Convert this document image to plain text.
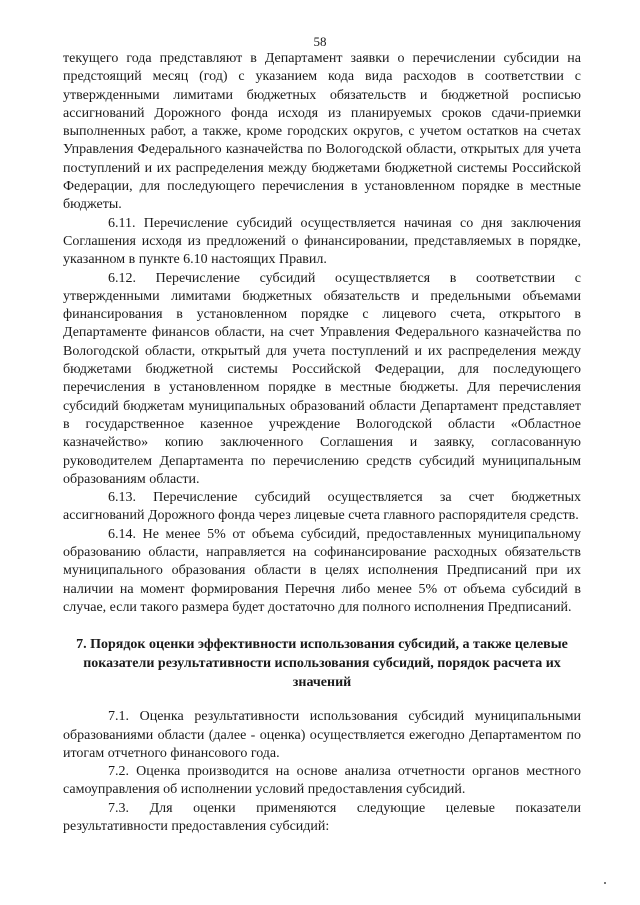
58

текущего года представляют в Департамент заявки о перечислении субсидии на предстоящий месяц (год) с указанием кода вида расходов в соответствии с утвержденными лимитами бюджетных обязательств и бюджетной росписью ассигнований Дорожного фонда исходя из планируемых сроков сдачи-приемки выполненных работ, а также, кроме городских округов, с учетом остатков на счетах Управления Федерального казначейства по Вологодской области, открытых для учета поступлений и их распределения между бюджетами бюджетной системы Российской Федерации, для последующего перечисления в установленном порядке в местные бюджеты.

6.11. Перечисление субсидий осуществляется начиная со дня заключения Соглашения исходя из предложений о финансировании, представляемых в порядке, указанном в пункте 6.10 настоящих Правил.

6.12. Перечисление субсидий осуществляется в соответствии с утвержденными лимитами бюджетных обязательств и предельными объемами финансирования в установленном порядке с лицевого счета, открытого в Департаменте финансов области, на счет Управления Федерального казначейства по Вологодской области, открытый для учета поступлений и их распределения между бюджетами бюджетной системы Российской Федерации, для последующего перечисления в установленном порядке в местные бюджеты. Для перечисления субсидий бюджетам муниципальных образований области Департамент представляет в государственное казенное учреждение Вологодской области «Областное казначейство» копию заключенного Соглашения и заявку, согласованную руководителем Департамента по перечислению средств субсидий муниципальным образованиям области.

6.13. Перечисление субсидий осуществляется за счет бюджетных ассигнований Дорожного фонда через лицевые счета главного распорядителя средств.

6.14. Не менее 5% от объема субсидий, предоставленных муниципальному образованию области, направляется на софинансирование расходных обязательств муниципального образования области в целях исполнения Предписаний при их наличии на момент формирования Перечня либо менее 5% от объема субсидий в случае, если такого размера будет достаточно для полного исполнения Предписаний.

7. Порядок оценки эффективности использования субсидий, а также целевые показатели результативности использования субсидий, порядок расчета их значений

7.1. Оценка результативности использования субсидий муниципальными образованиями области (далее - оценка) осуществляется ежегодно Департаментом по итогам отчетного финансового года.

7.2. Оценка производится на основе анализа отчетности органов местного самоуправления об исполнении условий предоставления субсидий.

7.3. Для оценки применяются следующие целевые показатели результативности предоставления субсидий:
